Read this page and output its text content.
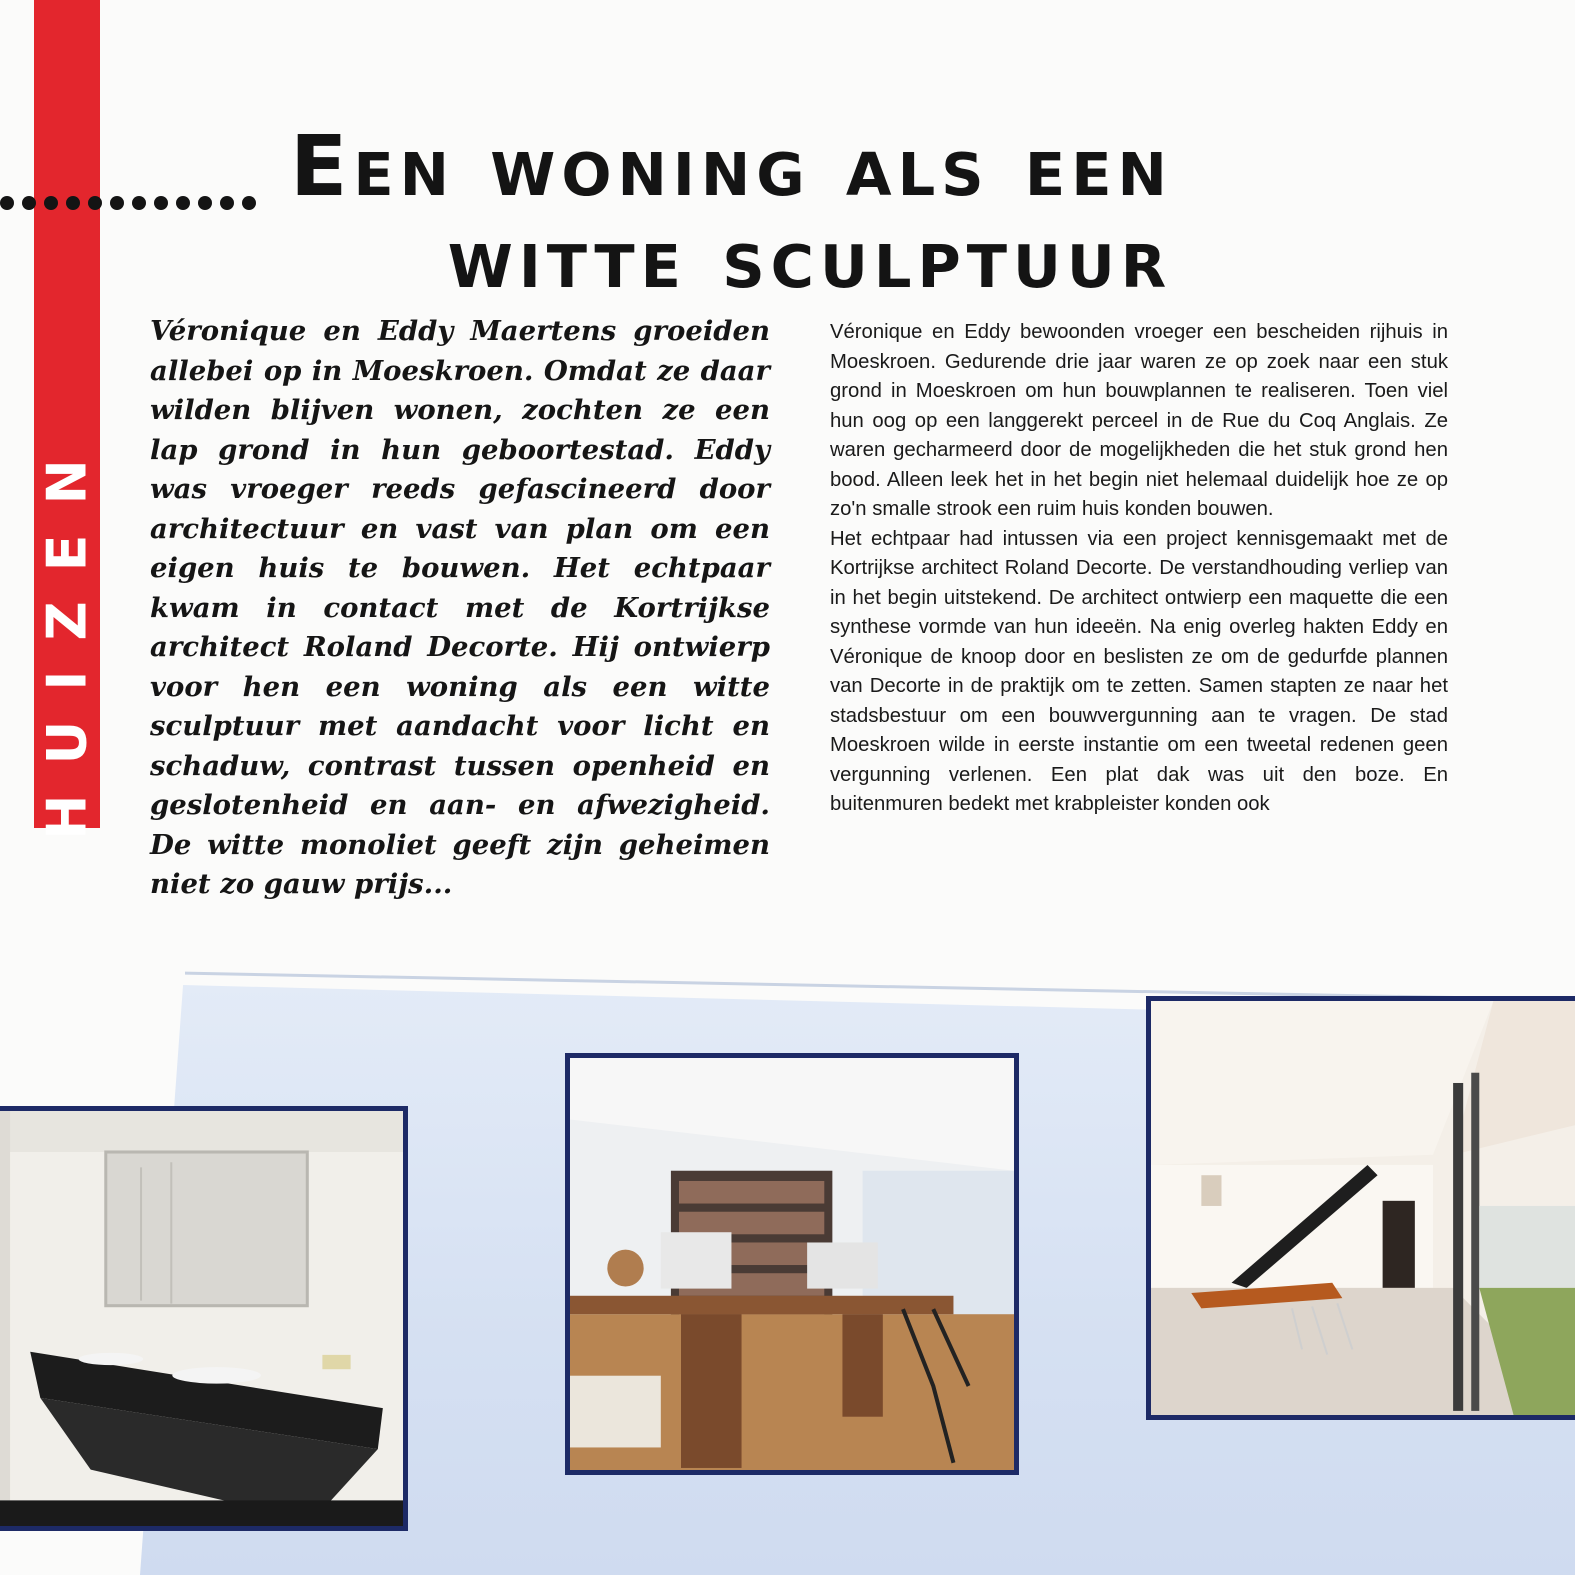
HUIZEN
Een woning als een
witte sculptuur
Véronique en Eddy Maertens groeiden allebei op in Moeskroen. Omdat ze daar wilden blijven wonen, zochten ze een lap grond in hun geboortestad. Eddy was vroeger reeds gefascineerd door architectuur en vast van plan om een eigen huis te bouwen. Het echtpaar kwam in contact met de Kortrijkse architect Roland Decorte. Hij ontwierp voor hen een woning als een witte sculptuur met aandacht voor licht en schaduw, contrast tussen openheid en geslotenheid en aan- en afwezigheid. De witte monoliet geeft zijn geheimen niet zo gauw prijs...

Véronique en Eddy bewoonden vroeger een bescheiden rijhuis in Moeskroen. Gedurende drie jaar waren ze op zoek naar een stuk grond in Moeskroen om hun bouwplannen te realiseren. Toen viel hun oog op een langgerekt perceel in de Rue du Coq Anglais. Ze waren gecharmeerd door de mogelijkheden die het stuk grond hen bood. Alleen leek het in het begin niet helemaal duidelijk hoe ze op zo'n smalle strook een ruim huis konden bouwen.

Het echtpaar had intussen via een project kennisgemaakt met de Kortrijkse architect Roland Decorte. De verstandhouding verliep van in het begin uitstekend. De architect ontwierp een maquette die een synthese vormde van hun ideeën. Na enig overleg hakten Eddy en Véronique de knoop door en beslisten ze om de gedurfde plannen van Decorte in de praktijk om te zetten. Samen stapten ze naar het stadsbestuur om een bouwvergunning aan te vragen. De stad Moeskroen wilde in eerste instantie om een tweetal redenen geen vergunning verlenen. Een plat dak was uit den boze. En buitenmuren bedekt met krabpleister konden ook
